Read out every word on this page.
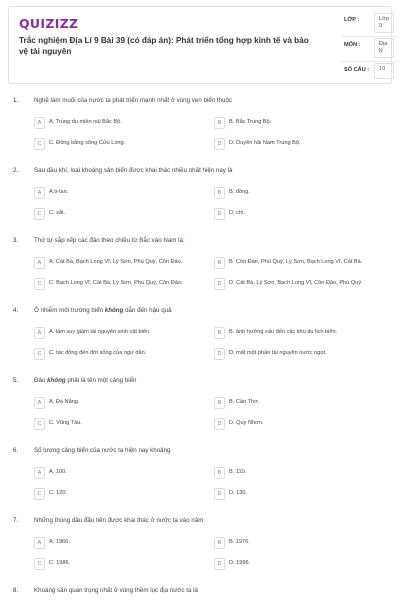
QUIZIZZ
Trắc nghiệm Địa Lí 9 Bài 39 (có đáp án): Phát triển tổng hợp kinh tế và bảo vệ tài nguyên
LỚP :	Lớp
9
MÔN :	Địa
lý
SỐ CÂU :	10
1.	Nghề làm muối của nước ta phát triển mạnh nhất ở vùng ven biển thuộc
A	A. Trung du miền núi Bắc Bộ.	B	B. Bắc Trung Bộ.
C	C. Đồng bằng sông Cửu Long.	D	D. Duyên hải Nam Trung Bộ.
2.	Sau dầu khí, loại khoáng sản biển được khai thác nhiều nhất hiện nay là
A	A.ti-tan.	B	B. đồng.
C	C. sắt.	D	D. chì.
3.	Thứ tự sắp xếp các đảo theo chiều từ Bắc vào Nam là:
A	A. Cát Bà, Bạch Long Vĩ, Lý Sơn, Phú Quý, Côn Đảo.	B	B. Côn Đảo, Phú Quý, Lý Sơn, Bạch Long Vĩ, Cát Bà.
C	C. Bạch Long Vĩ, Cát Bà, Lý Sơn, Phú Quý, Côn Đảo.	D	D. Cát Bà, Lý Sơn, Bạch Long Vĩ, Côn Đảo, Phú Quý.
4.	Ô nhiễm môi trường biển không dẫn đến hậu quả
A	A. làm suy giảm tài nguyên sinh vật biển.	B	B. ảnh hưởng xấu đến các khu du lịch biển.
C	C. tác động đến đời sống của ngư dân.	D	D. mất một phần tài nguyên nước ngọt.
5.	Đâu không phải là tên một cảng biển
A	A. Đà Nẵng.	B	B. Cần Thơ.
C	C. Vũng Tàu.	D	D. Quy Nhơn.
6.	Số lượng cảng biển của nước ta hiện nay khoảng
A	A. 100.	B	B. 110.
C	C. 120.	D	D. 130.
7.	Những thùng dầu đầu tiên được khai thác ở nước ta vào năm
A	A. 1966.	B	B. 1976.
C	C. 1986.	D	D. 1996.
8.	Khoáng sản quan trọng nhất ở vùng thềm lục địa nước ta là
